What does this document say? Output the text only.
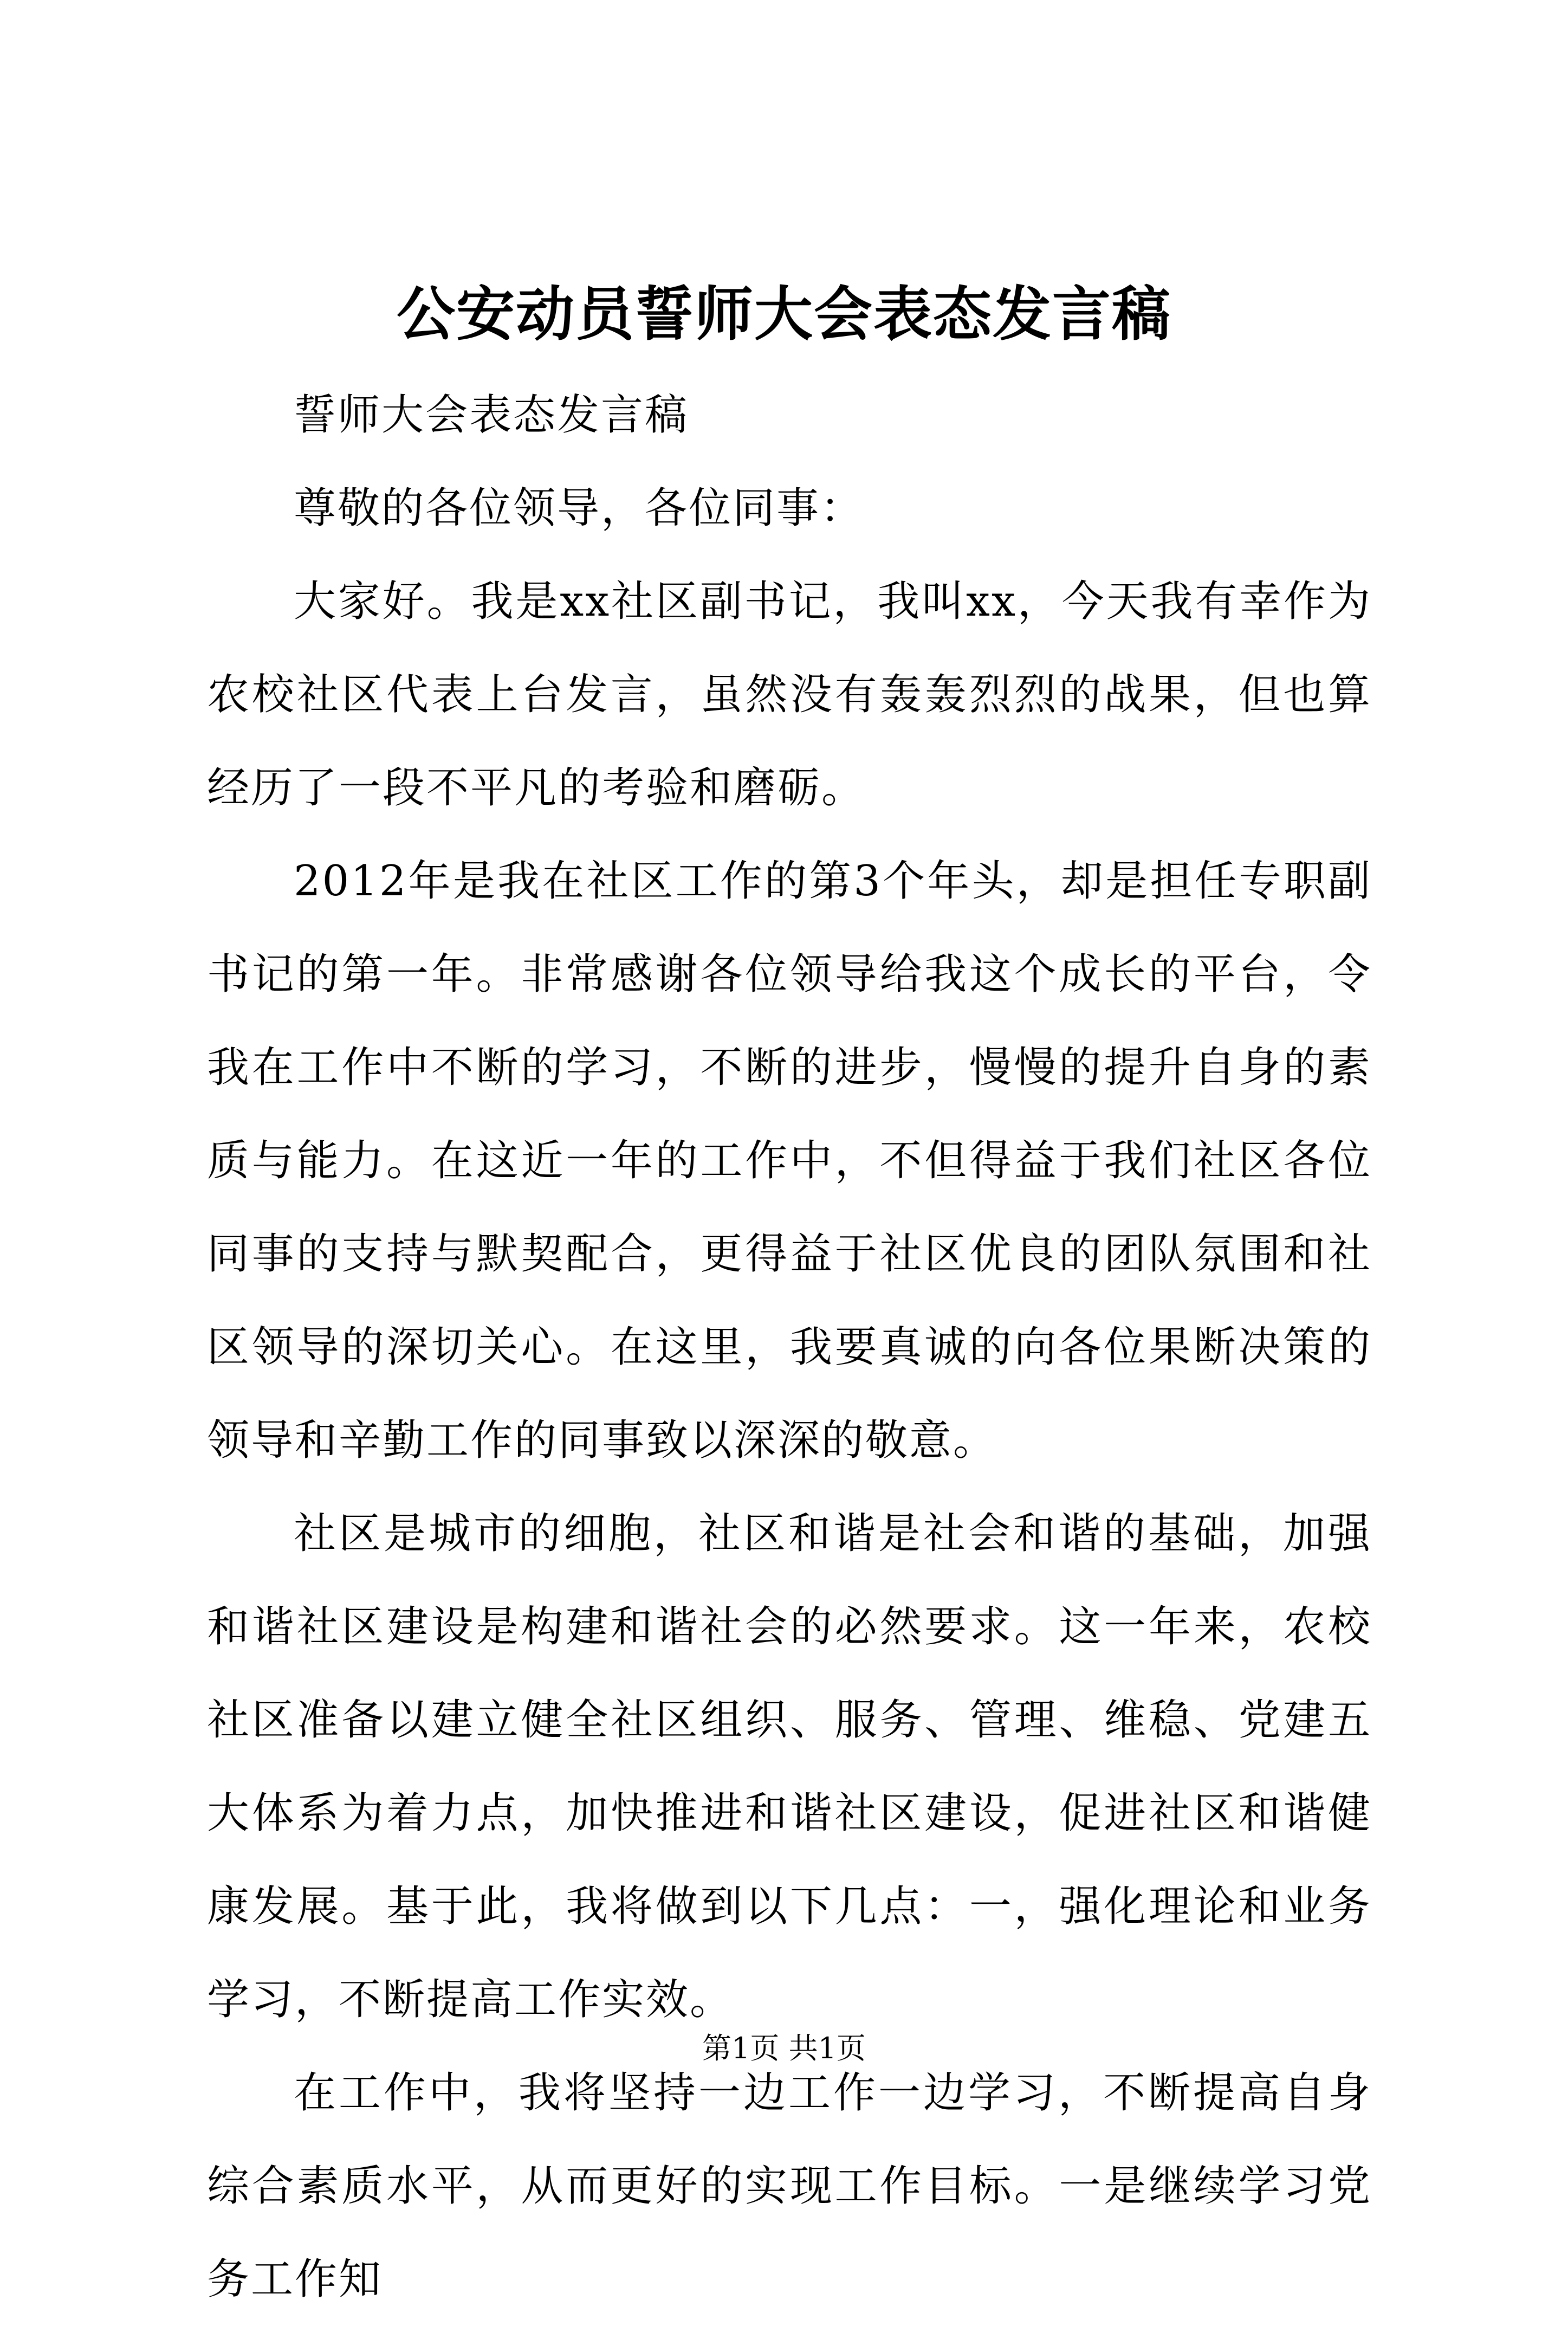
公安动员誓师大会表态发言稿

誓师大会表态发言稿

尊敬的各位领导，各位同事：

大家好。我是xx社区副书记，我叫xx，今天我有幸作为农校社区代表上台发言，虽然没有轰轰烈烈的战果，但也算经历了一段不平凡的考验和磨砺。

2012年是我在社区工作的第3个年头，却是担任专职副书记的第一年。非常感谢各位领导给我这个成长的平台，令我在工作中不断的学习，不断的进步，慢慢的提升自身的素质与能力。在这近一年的工作中，不但得益于我们社区各位同事的支持与默契配合，更得益于社区优良的团队氛围和社区领导的深切关心。在这里，我要真诚的向各位果断决策的领导和辛勤工作的同事致以深深的敬意。

社区是城市的细胞，社区和谐是社会和谐的基础，加强和谐社区建设是构建和谐社会的必然要求。这一年来，农校社区准备以建立健全社区组织、服务、管理、维稳、党建五大体系为着力点，加快推进和谐社区建设，促进社区和谐健康发展。基于此，我将做到以下几点：一，强化理论和业务学习，不断提高工作实效。

在工作中，我将坚持一边工作一边学习，不断提高自身综合素质水平，从而更好的实现工作目标。一是继续学习党务工作知

第1页 共1页
